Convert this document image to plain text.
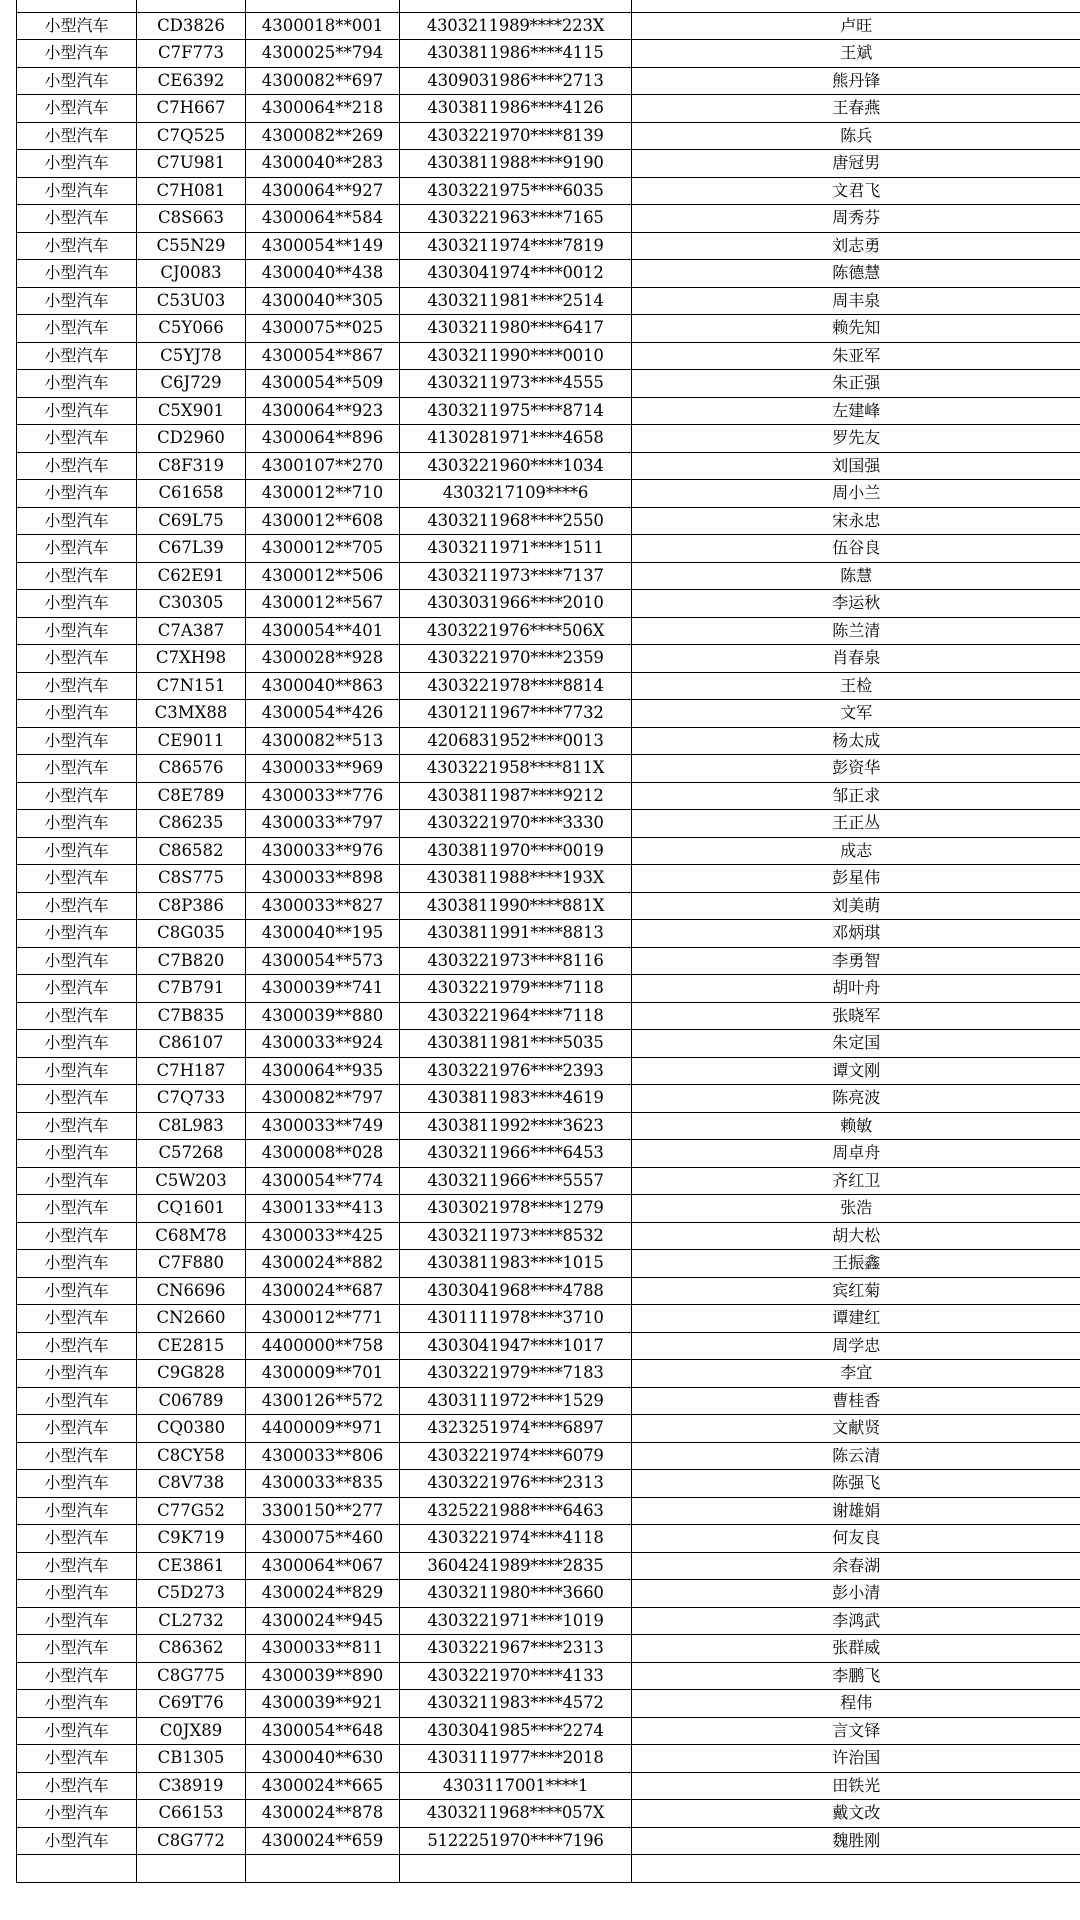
小型汽车	CD3826	4300018**001	4303211989****223X	卢旺
小型汽车	C7F773	4300025**794	4303811986****4115	王斌
小型汽车	CE6392	4300082**697	4309031986****2713	熊丹锋
小型汽车	C7H667	4300064**218	4303811986****4126	王春燕
小型汽车	C7Q525	4300082**269	4303221970****8139	陈兵
小型汽车	C7U981	4300040**283	4303811988****9190	唐冠男
小型汽车	C7H081	4300064**927	4303221975****6035	文君飞
小型汽车	C8S663	4300064**584	4303221963****7165	周秀芬
小型汽车	C55N29	4300054**149	4303211974****7819	刘志勇
小型汽车	CJ0083	4300040**438	4303041974****0012	陈德慧
小型汽车	C53U03	4300040**305	4303211981****2514	周丰泉
小型汽车	C5Y066	4300075**025	4303211980****6417	赖先知
小型汽车	C5YJ78	4300054**867	4303211990****0010	朱亚军
小型汽车	C6J729	4300054**509	4303211973****4555	朱正强
小型汽车	C5X901	4300064**923	4303211975****8714	左建峰
小型汽车	CD2960	4300064**896	4130281971****4658	罗先友
小型汽车	C8F319	4300107**270	4303221960****1034	刘国强
小型汽车	C61658	4300012**710	4303217109****6	周小兰
小型汽车	C69L75	4300012**608	4303211968****2550	宋永忠
小型汽车	C67L39	4300012**705	4303211971****1511	伍谷良
小型汽车	C62E91	4300012**506	4303211973****7137	陈慧
小型汽车	C30305	4300012**567	4303031966****2010	李运秋
小型汽车	C7A387	4300054**401	4303221976****506X	陈兰清
小型汽车	C7XH98	4300028**928	4303221970****2359	肖春泉
小型汽车	C7N151	4300040**863	4303221978****8814	王检
小型汽车	C3MX88	4300054**426	4301211967****7732	文军
小型汽车	CE9011	4300082**513	4206831952****0013	杨太成
小型汽车	C86576	4300033**969	4303221958****811X	彭资华
小型汽车	C8E789	4300033**776	4303811987****9212	邹正求
小型汽车	C86235	4300033**797	4303221970****3330	王正丛
小型汽车	C86582	4300033**976	4303811970****0019	成志
小型汽车	C8S775	4300033**898	4303811988****193X	彭星伟
小型汽车	C8P386	4300033**827	4303811990****881X	刘美萌
小型汽车	C8G035	4300040**195	4303811991****8813	邓炳琪
小型汽车	C7B820	4300054**573	4303221973****8116	李勇智
小型汽车	C7B791	4300039**741	4303221979****7118	胡叶舟
小型汽车	C7B835	4300039**880	4303221964****7118	张晓军
小型汽车	C86107	4300033**924	4303811981****5035	朱定国
小型汽车	C7H187	4300064**935	4303221976****2393	谭文刚
小型汽车	C7Q733	4300082**797	4303811983****4619	陈亮波
小型汽车	C8L983	4300033**749	4303811992****3623	赖敏
小型汽车	C57268	4300008**028	4303211966****6453	周卓舟
小型汽车	C5W203	4300054**774	4303211966****5557	齐红卫
小型汽车	CQ1601	4300133**413	4303021978****1279	张浩
小型汽车	C68M78	4300033**425	4303211973****8532	胡大松
小型汽车	C7F880	4300024**882	4303811983****1015	王振鑫
小型汽车	CN6696	4300024**687	4303041968****4788	宾红菊
小型汽车	CN2660	4300012**771	4301111978****3710	谭建红
小型汽车	CE2815	4400000**758	4303041947****1017	周学忠
小型汽车	C9G828	4300009**701	4303221979****7183	李宜
小型汽车	C06789	4300126**572	4303111972****1529	曹桂香
小型汽车	CQ0380	4400009**971	4323251974****6897	文献贤
小型汽车	C8CY58	4300033**806	4303221974****6079	陈云清
小型汽车	C8V738	4300033**835	4303221976****2313	陈强飞
小型汽车	C77G52	3300150**277	4325221988****6463	谢雄娟
小型汽车	C9K719	4300075**460	4303221974****4118	何友良
小型汽车	CE3861	4300064**067	3604241989****2835	余春湖
小型汽车	C5D273	4300024**829	4303211980****3660	彭小清
小型汽车	CL2732	4300024**945	4303221971****1019	李鸿武
小型汽车	C86362	4300033**811	4303221967****2313	张群威
小型汽车	C8G775	4300039**890	4303221970****4133	李鹏飞
小型汽车	C69T76	4300039**921	4303211983****4572	程伟
小型汽车	C0JX89	4300054**648	4303041985****2274	言文铎
小型汽车	CB1305	4300040**630	4303111977****2018	许治国
小型汽车	C38919	4300024**665	4303117001****1	田铁光
小型汽车	C66153	4300024**878	4303211968****057X	戴文改
小型汽车	C8G772	4300024**659	5122251970****7196	魏胜刚
